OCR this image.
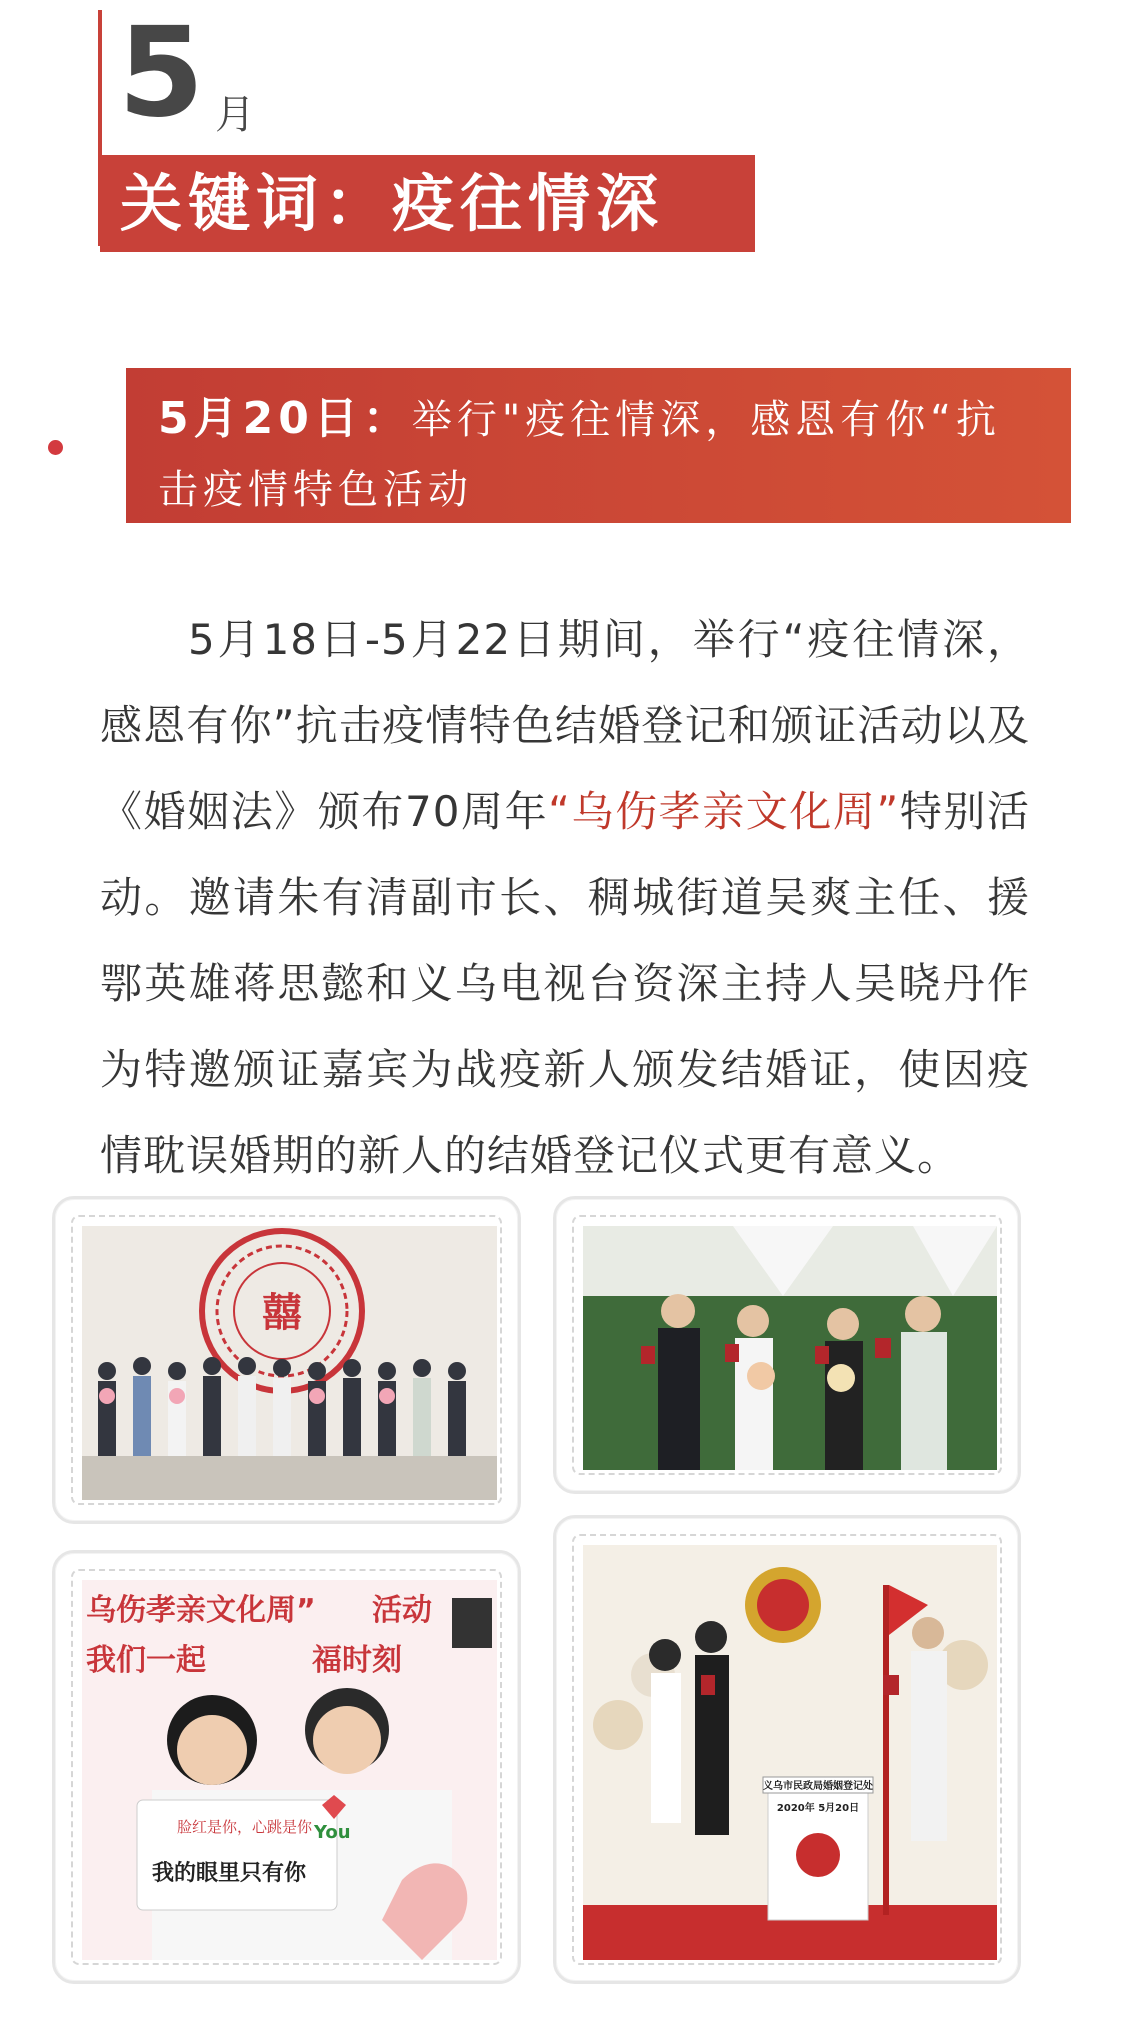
5 月
关键词：疫往情深
5月20日：举行"疫往情深，感恩有你“抗击疫情特色活动

5月18日-5月22日期间，举行“疫往情深，感恩有你”抗击疫情特色结婚登记和颁证活动以及《婚姻法》颁布70周年“乌伤孝亲文化周”特别活动。邀请朱有清副市长、稠城街道吴爽主任、援鄂英雄蒋思懿和义乌电视台资深主持人吴晓丹作为特邀颁证嘉宾为战疫新人颁发结婚证，使因疫情耽误婚期的新人的结婚登记仪式更有意义。

囍
乌伤孝亲文化周” 活动
我们一起	福时刻
脸红是你，心跳是你 You
我的眼里只有你
义乌市民政局婚姻登记处
2020年 5月20日
